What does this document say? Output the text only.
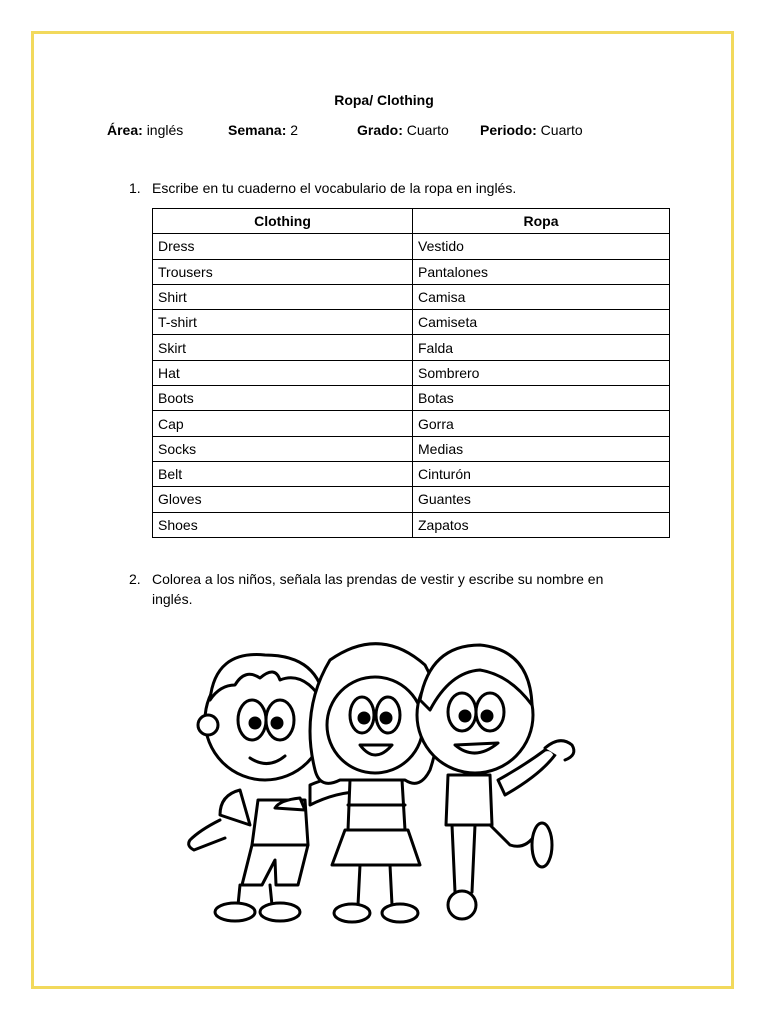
Ropa/ Clothing
Área: inglés	Semana: 2	Grado: Cuarto Periodo: Cuarto
1. Escribe en tu cuaderno el vocabulario de la ropa en inglés.
Clothing	Ropa
Dress	Vestido
Trousers	Pantalones
Shirt	Camisa
T-shirt	Camiseta
Skirt	Falda
Hat	Sombrero
Boots	Botas
Cap	Gorra
Socks	Medias
Belt	Cinturón
Gloves	Guantes
Shoes	Zapatos
2. Colorea a los niños, señala las prendas de vestir y escribe su nombre en
inglés.
